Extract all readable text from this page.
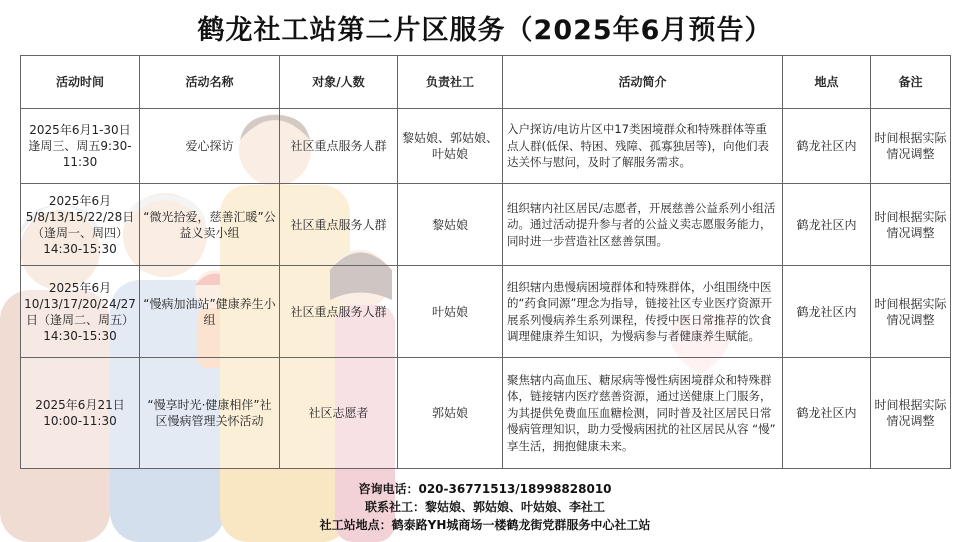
鹤龙社工站第二片区服务（2025年6月预告）
活动时间	活动名称	对象/人数	负责社工	活动简介	地点	备注
2025年6月1-30日逢周三、周五9:30-11:30	爱心探访	社区重点服务人群	黎姑娘、郭姑娘、叶姑娘	入户探访/电访片区中17类困境群众和特殊群体等重点人群(低保、特困、残障、孤寡独居等)，向他们表达关怀与慰问，及时了解服务需求。	鹤龙社区内	时间根据实际情况调整
2025年6月5/8/13/15/22/28日（逢周一、周四）14:30-15:30	“微光拾爱，慈善汇暖”公益义卖小组	社区重点服务人群	黎姑娘	组织辖内社区居民/志愿者，开展慈善公益系列小组活动。通过活动提升参与者的公益义卖志愿服务能力，同时进一步营造社区慈善氛围。	鹤龙社区内	时间根据实际情况调整
2025年6月10/13/17/20/24/27日（逢周二、周五）14:30-15:30	“慢病加油站”健康养生小组	社区重点服务人群	叶姑娘	组织辖内患慢病困境群体和特殊群体，小组围绕中医的“药食同源”理念为指导，链接社区专业医疗资源开展系列慢病养生系列课程，传授中医日常推荐的饮食调理健康养生知识，为慢病参与者健康养生赋能。	鹤龙社区内	时间根据实际情况调整
2025年6月21日10:00-11:30	“慢享时光·健康相伴”社区慢病管理关怀活动	社区志愿者	郭姑娘	聚焦辖内高血压、糖尿病等慢性病困境群众和特殊群体，链接辖内医疗慈善资源，通过送健康上门服务，为其提供免费血压血糖检测，同时普及社区居民日常慢病管理知识，助力受慢病困扰的社区居民从容 “慢” 享生活，拥抱健康未来。	鹤龙社区内	时间根据实际情况调整
咨询电话：020-36771513/18998828010
联系社工：黎姑娘、郭姑娘、叶姑娘、李社工
社工站地点：鹤泰路YH城商场一楼鹤龙街党群服务中心社工站
